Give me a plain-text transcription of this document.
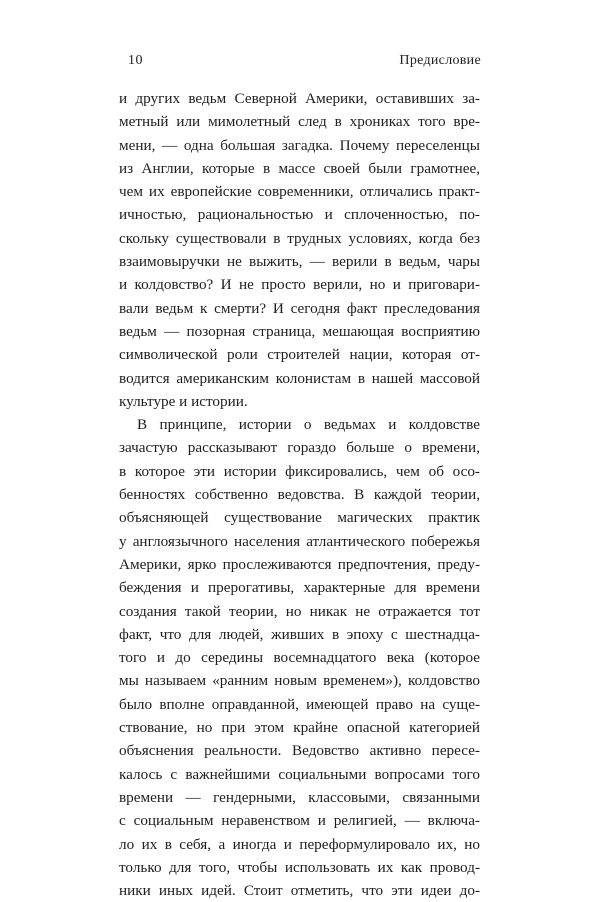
10	Предисловие

и других ведьм Северной Америки, оставивших за-
метный или мимолетный след в хрониках того вре-
мени, — одна большая загадка. Почему переселенцы
из Англии, которые в массе своей были грамотнее,
чем их европейские современники, отличались практ-
ичностью, рациональностью и сплоченностью, по-
скольку существовали в трудных условиях, когда без
взаимовыручки не выжить, — верили в ведьм, чары
и колдовство? И не просто верили, но и приговари-
вали ведьм к смерти? И сегодня факт преследования
ведьм — позорная страница, мешающая восприятию
символической роли строителей нации, которая от-
водится американским колонистам в нашей массовой
культуре и истории.

В принципе, истории о ведьмах и колдовстве
зачастую рассказывают гораздо больше о времени,
в которое эти истории фиксировались, чем об осо-
бенностях собственно ведовства. В каждой теории,
объясняющей существование магических практик
у англоязычного населения атлантического побережья
Америки, ярко прослеживаются предпочтения, преду-
беждения и прерогативы, характерные для времени
создания такой теории, но никак не отражается тот
факт, что для людей, живших в эпоху с шестнадца-
того и до середины восемнадцатого века (которое
мы называем «ранним новым временем»), колдовство
было вполне оправданной, имеющей право на суще-
ствование, но при этом крайне опасной категорией
объяснения реальности. Ведовство активно пересе-
калось с важнейшими социальными вопросами того
времени — гендерными, классовыми, связанными
с социальным неравенством и религией, — включа-
ло их в себя, а иногда и переформулировало их, но
только для того, чтобы использовать их как провод-
ники иных идей. Стоит отметить, что эти идеи до-
